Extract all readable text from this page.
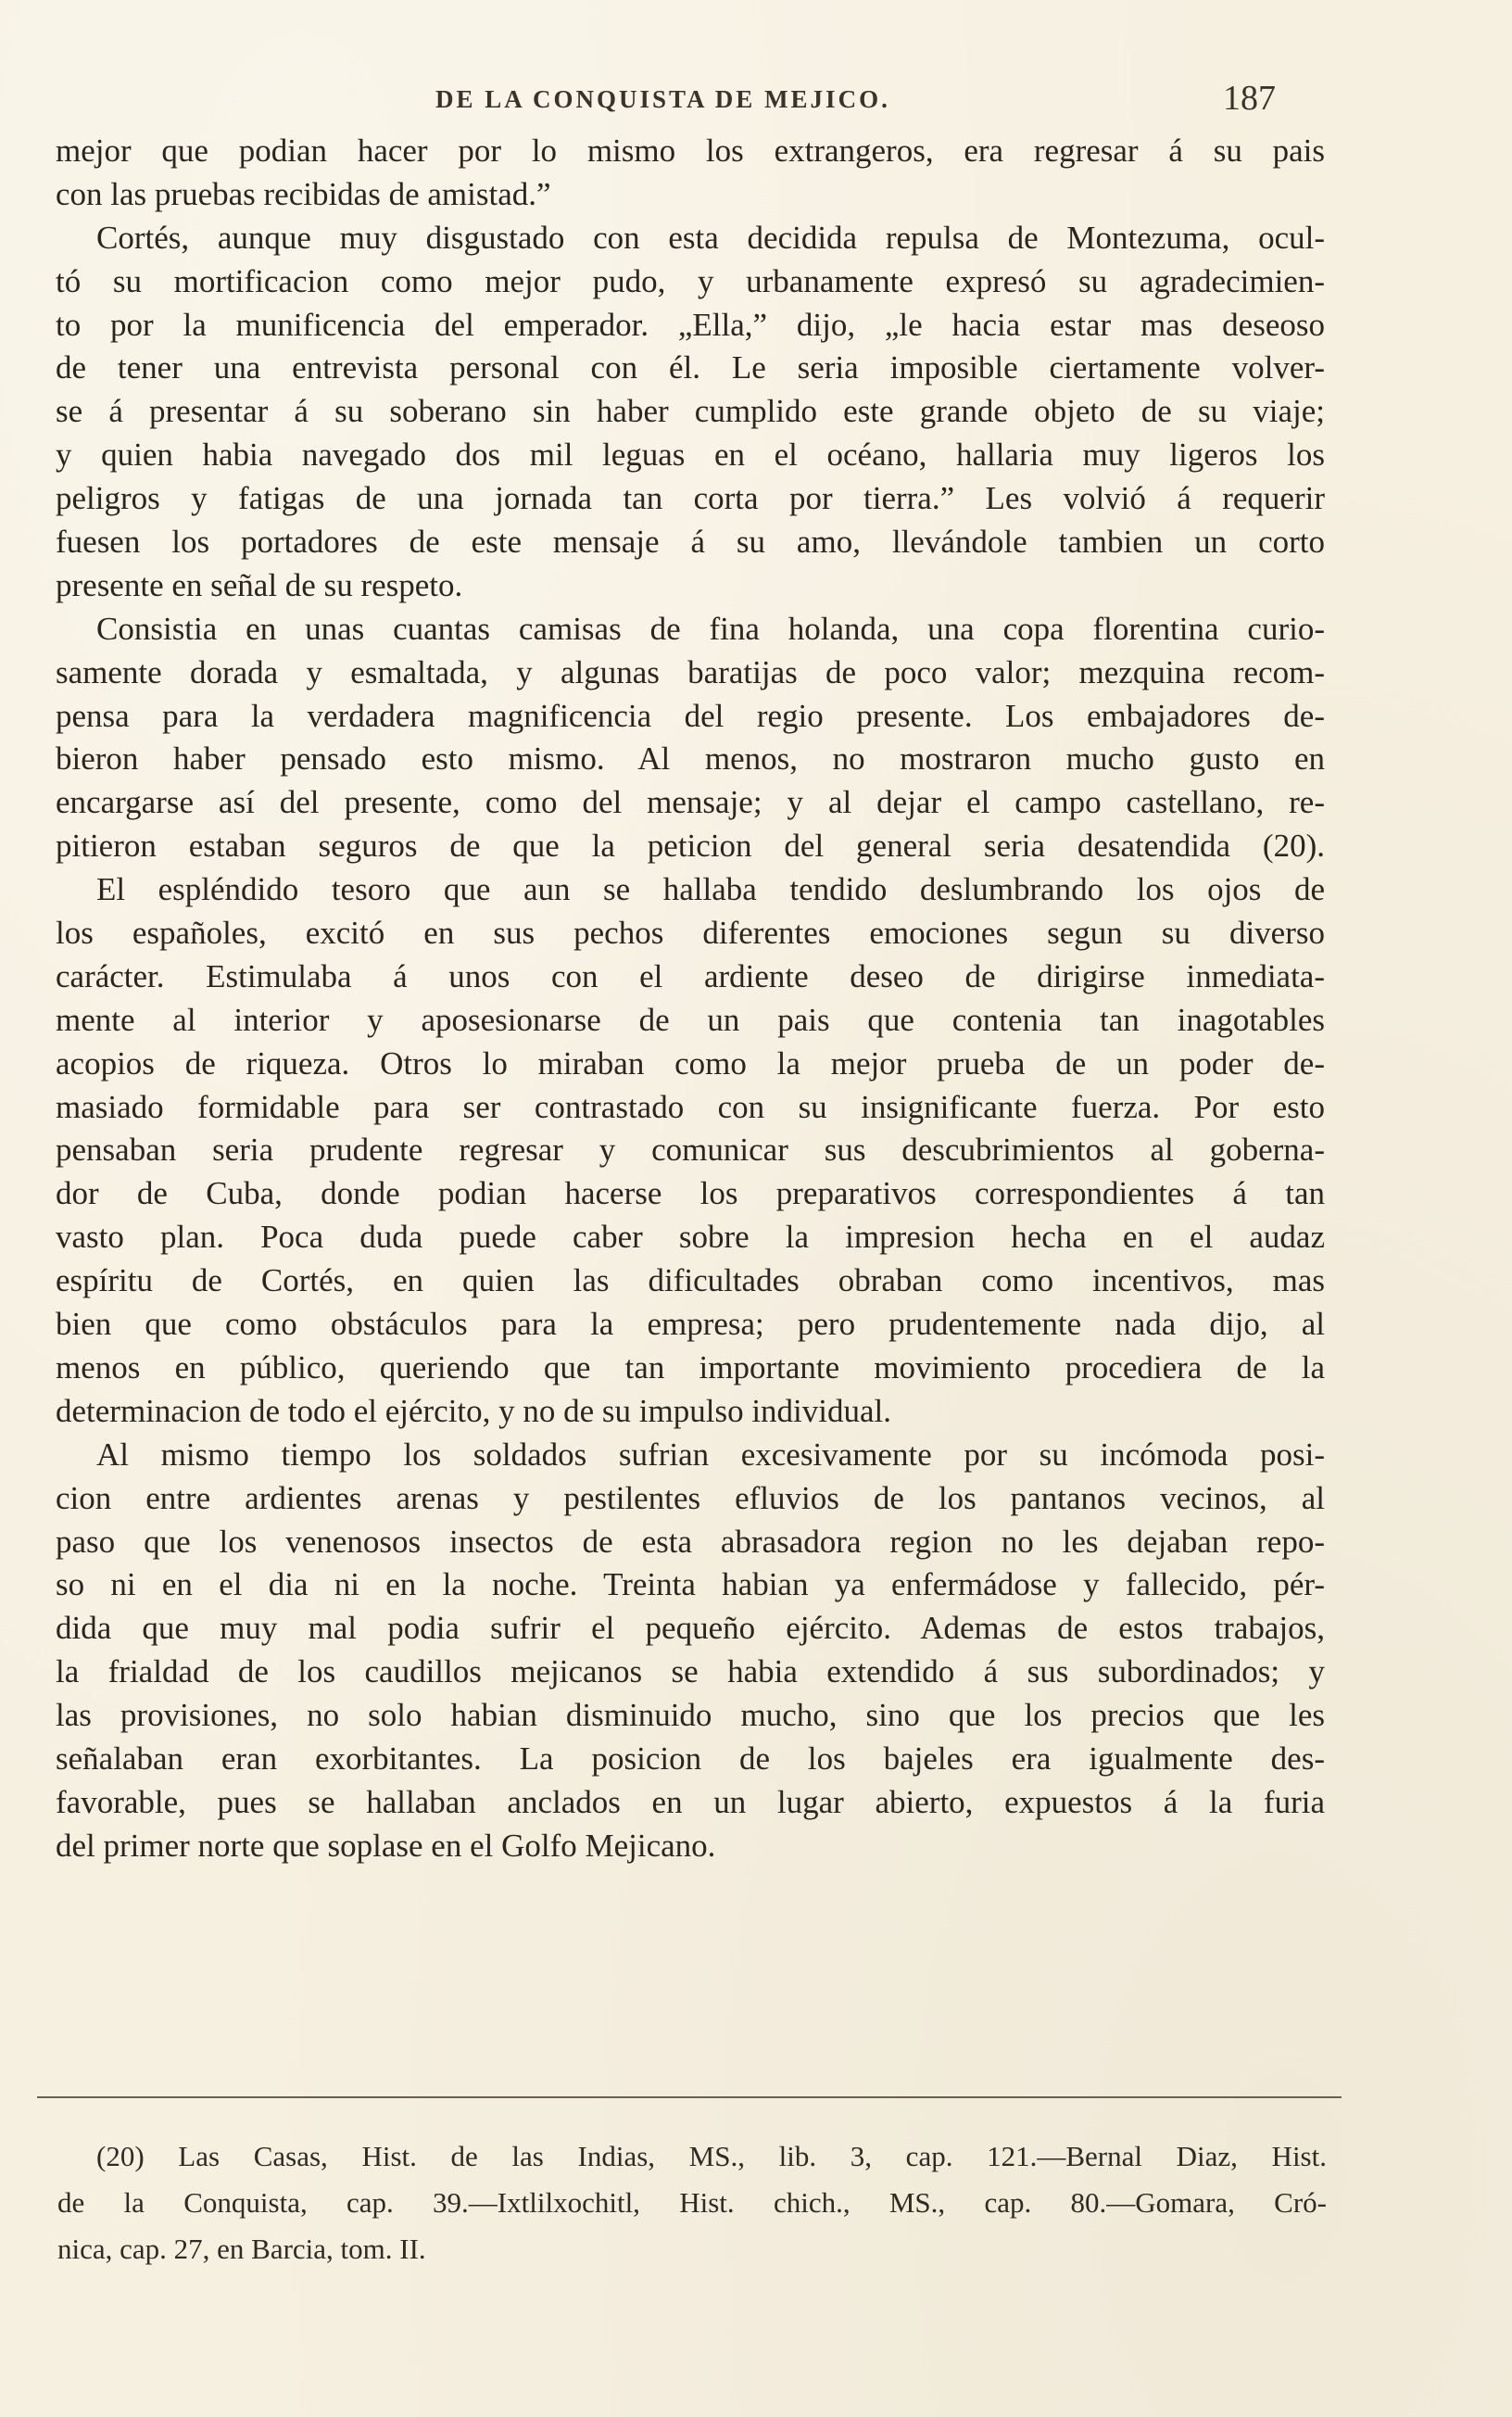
DE LA CONQUISTA DE MEJICO.	187
mejor que podian hacer por lo mismo los extrangeros, era regresar á su pais
con las pruebas recibidas de amistad.”
Cortés, aunque muy disgustado con esta decidida repulsa de Montezuma, ocul-
tó su mortificacion como mejor pudo, y urbanamente expresó su agradecimien-
to por la munificencia del emperador. „Ella,” dijo, „le hacia estar mas deseoso
de tener una entrevista personal con él. Le seria imposible ciertamente volver-
se á presentar á su soberano sin haber cumplido este grande objeto de su viaje;
y quien habia navegado dos mil leguas en el océano, hallaria muy ligeros los
peligros y fatigas de una jornada tan corta por tierra.” Les volvió á requerir
fuesen los portadores de este mensaje á su amo, llevándole tambien un corto
presente en señal de su respeto.
Consistia en unas cuantas camisas de fina holanda, una copa florentina curio-
samente dorada y esmaltada, y algunas baratijas de poco valor; mezquina recom-
pensa para la verdadera magnificencia del regio presente. Los embajadores de-
bieron haber pensado esto mismo. Al menos, no mostraron mucho gusto en
encargarse así del presente, como del mensaje; y al dejar el campo castellano, re-
pitieron estaban seguros de que la peticion del general seria desatendida (20).
El espléndido tesoro que aun se hallaba tendido deslumbrando los ojos de
los españoles, excitó en sus pechos diferentes emociones segun su diverso
carácter. Estimulaba á unos con el ardiente deseo de dirigirse inmediata-
mente al interior y aposesionarse de un pais que contenia tan inagotables
acopios de riqueza. Otros lo miraban como la mejor prueba de un poder de-
masiado formidable para ser contrastado con su insignificante fuerza. Por esto
pensaban seria prudente regresar y comunicar sus descubrimientos al goberna-
dor de Cuba, donde podian hacerse los preparativos correspondientes á tan
vasto plan. Poca duda puede caber sobre la impresion hecha en el audaz
espíritu de Cortés, en quien las dificultades obraban como incentivos, mas
bien que como obstáculos para la empresa; pero prudentemente nada dijo, al
menos en público, queriendo que tan importante movimiento procediera de la
determinacion de todo el ejército, y no de su impulso individual.
Al mismo tiempo los soldados sufrian excesivamente por su incómoda posi-
cion entre ardientes arenas y pestilentes efluvios de los pantanos vecinos, al
paso que los venenosos insectos de esta abrasadora region no les dejaban repo-
so ni en el dia ni en la noche. Treinta habian ya enfermádose y fallecido, pér-
dida que muy mal podia sufrir el pequeño ejército. Ademas de estos trabajos,
la frialdad de los caudillos mejicanos se habia extendido á sus subordinados; y
las provisiones, no solo habian disminuido mucho, sino que los precios que les
señalaban eran exorbitantes. La posicion de los bajeles era igualmente des-
favorable, pues se hallaban anclados en un lugar abierto, expuestos á la furia
del primer norte que soplase en el Golfo Mejicano.
(20) Las Casas, Hist. de las Indias, MS., lib. 3, cap. 121.—Bernal Diaz, Hist.
de la Conquista, cap. 39.—Ixtlilxochitl, Hist. chich., MS., cap. 80.—Gomara, Cró-
nica, cap. 27, en Barcia, tom. II.
